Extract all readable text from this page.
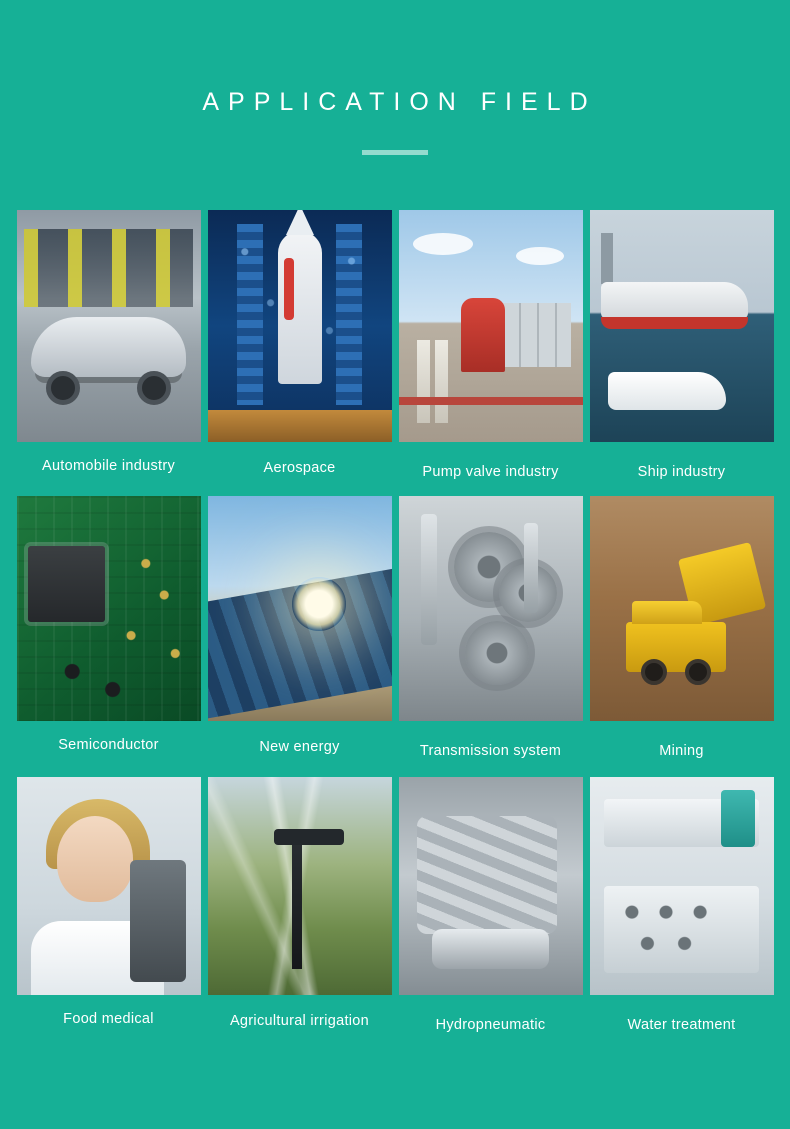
APPLICATION FIELD
Automobile industry	Aerospace	Pump valve industry	Ship industry
Semiconductor	New energy	Transmission system	Mining
Food medical	Agricultural irrigation	Hydropneumatic	Water treatment
